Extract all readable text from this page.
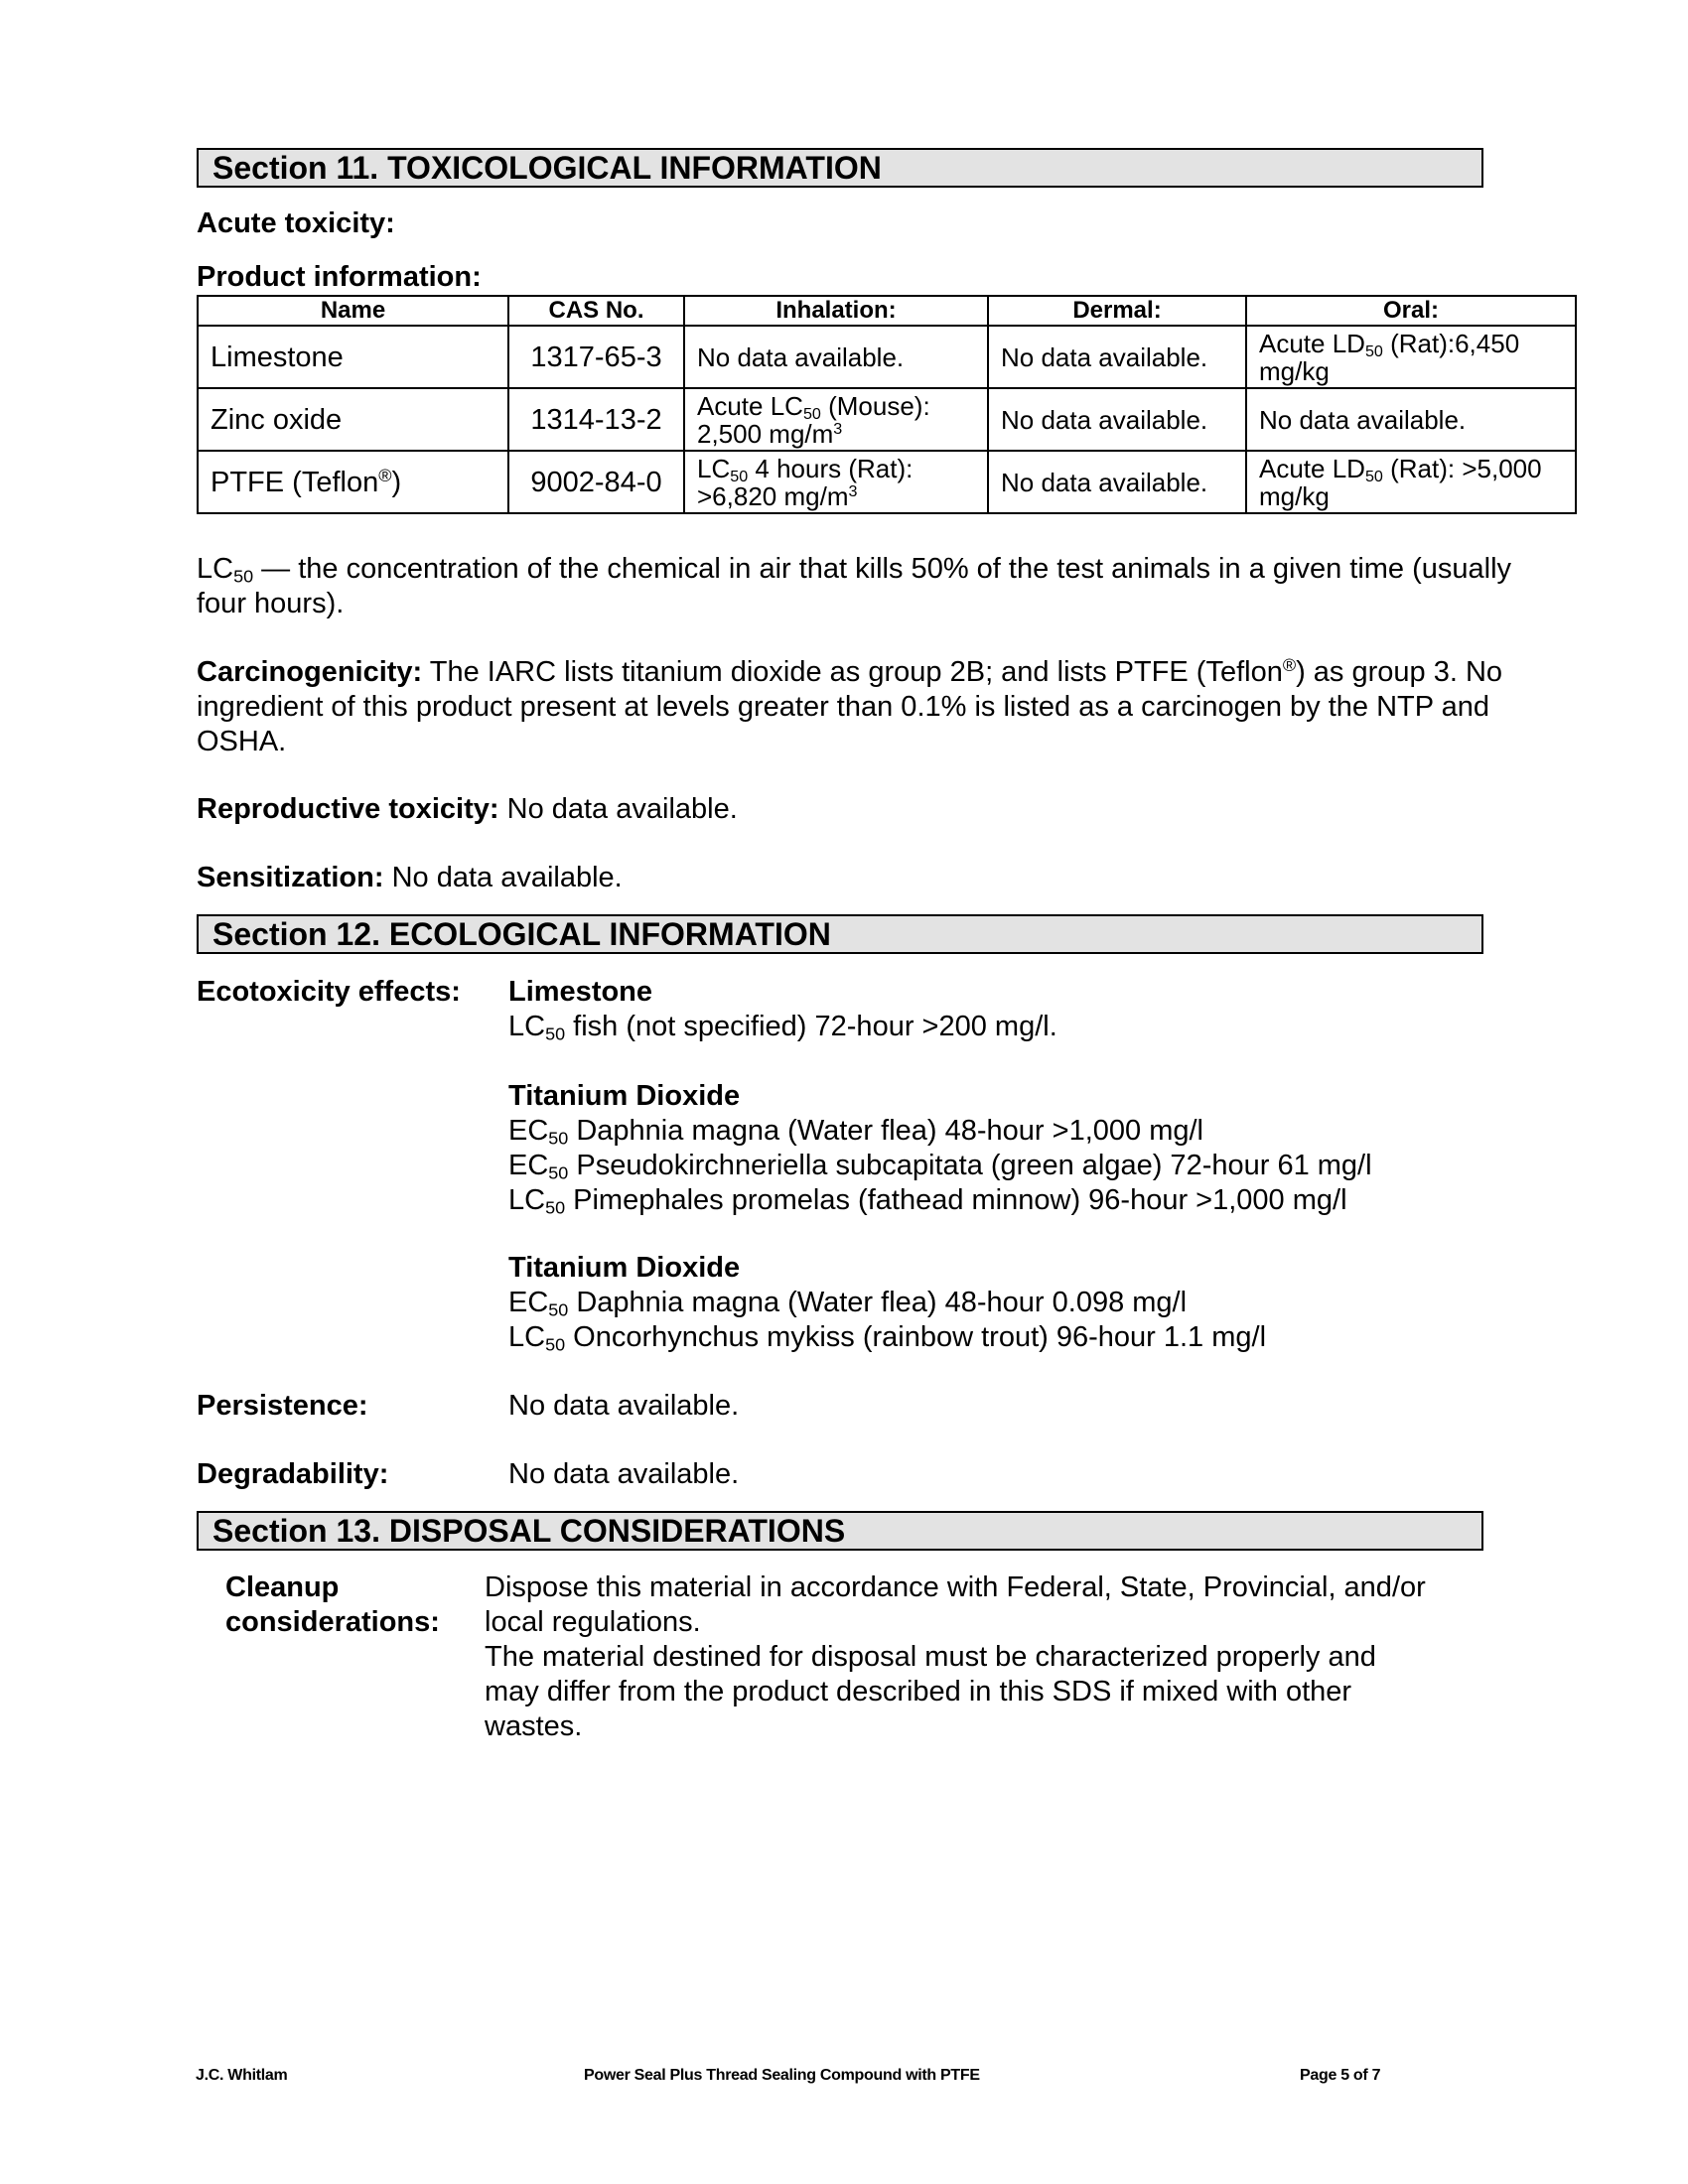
Section 11. TOXICOLOGICAL INFORMATION
Acute toxicity:
Product information:
Name	CAS No.	Inhalation:	Dermal:	Oral:
Limestone	1317-65-3	No data available.	No data available.	Acute $LD_{50}$ (Rat):6,450 mg/kg
Zinc oxide	1314-13-2	Acute $LC_{50}$ (Mouse): 2,500 $mg/m^3$	No data available.	No data available.
PTFE (Teflon®)	9002-84-0	$LC_{50}$ 4 hours (Rat): >6,820 $mg/m^3$	No data available.	Acute $LD_{50}$ (Rat): >5,000 mg/kg
$LC_{50}$ — the concentration of the chemical in air that kills 50% of the test animals in a given time (usually four hours).
Carcinogenicity: The IARC lists titanium dioxide as group 2B; and lists PTFE (Teflon®) as group 3. No ingredient of this product present at levels greater than 0.1% is listed as a carcinogen by the NTP and OSHA.
Reproductive toxicity: No data available.
Sensitization: No data available.
Section 12. ECOLOGICAL INFORMATION
Ecotoxicity effects: Limestone
$LC_{50}$ fish (not specified) 72-hour >200 mg/l.
Titanium Dioxide
$EC_{50}$ Daphnia magna (Water flea) 48-hour >1,000 mg/l
$EC_{50}$ Pseudokirchneriella subcapitata (green algae) 72-hour 61 mg/l
$LC_{50}$ Pimephales promelas (fathead minnow) 96-hour >1,000 mg/l
Titanium Dioxide
$EC_{50}$ Daphnia magna (Water flea) 48-hour 0.098 mg/l
$LC_{50}$ Oncorhynchus mykiss (rainbow trout) 96-hour 1.1 mg/l
Persistence:	No data available.
Degradability:	No data available.
Section 13. DISPOSAL CONSIDERATIONS
Cleanup
considerations:
Dispose this material in accordance with Federal, State, Provincial, and/or local regulations.
The material destined for disposal must be characterized properly and may differ from the product described in this SDS if mixed with other wastes.
J.C. Whitlam	Power Seal Plus Thread Sealing Compound with PTFE	Page 5 of 7
